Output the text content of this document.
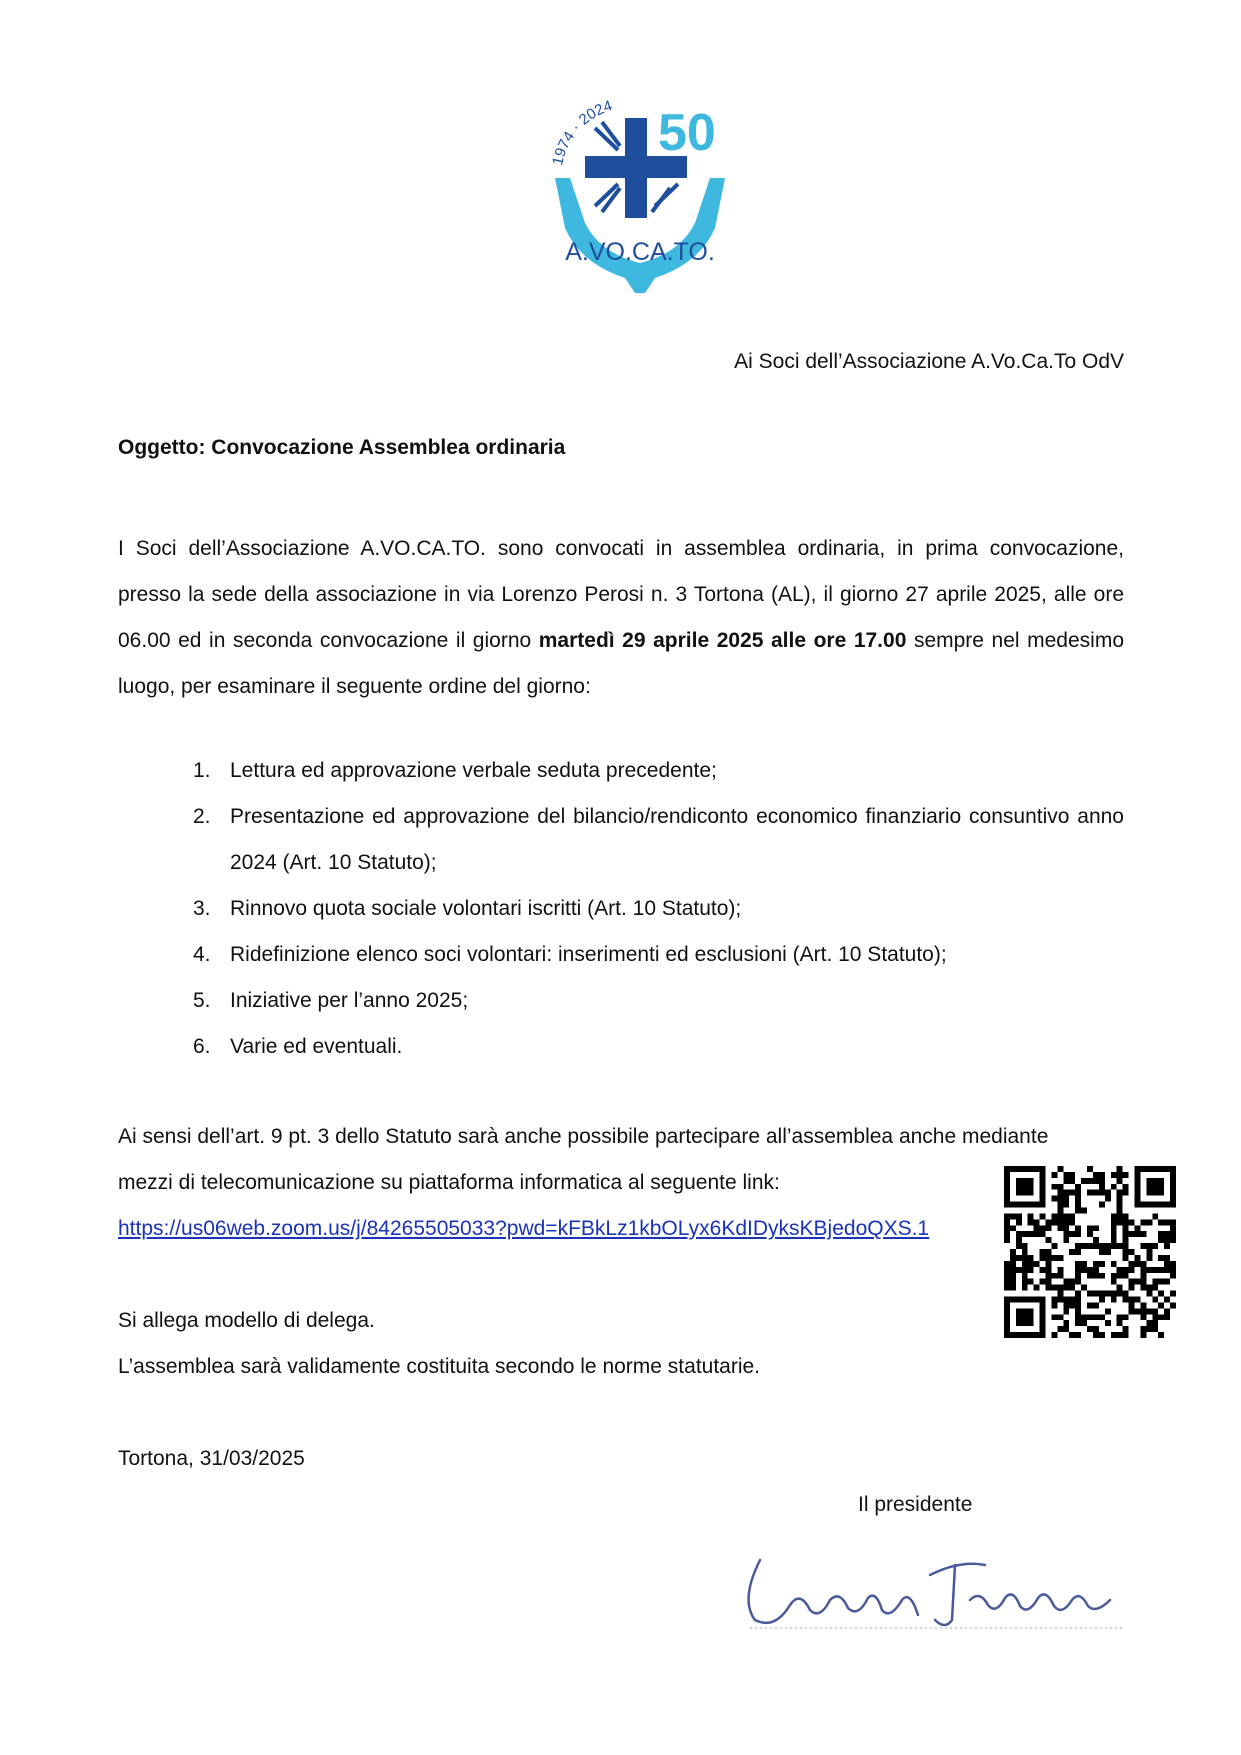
1974 · 2024 50
A.VO.CA.TO.
Ai Soci dell’Associazione A.Vo.Ca.To OdV
Oggetto: Convocazione Assemblea ordinaria
I Soci dell’Associazione A.VO.CA.TO. sono convocati in assemblea ordinaria, in prima convocazione, presso la sede della associazione in via Lorenzo Perosi n. 3 Tortona (AL), il giorno 27 aprile 2025, alle ore 06.00 ed in seconda convocazione il giorno martedì 29 aprile 2025 alle ore 17.00 sempre nel medesimo luogo, per esaminare il seguente ordine del giorno:
1. Lettura ed approvazione verbale seduta precedente;
2. Presentazione ed approvazione del bilancio/rendiconto economico finanziario consuntivo anno 2024 (Art. 10 Statuto);
3. Rinnovo quota sociale volontari iscritti (Art. 10 Statuto);
4. Ridefinizione elenco soci volontari: inserimenti ed esclusioni (Art. 10 Statuto);
5. Iniziative per l’anno 2025;
6. Varie ed eventuali.
Ai sensi dell’art. 9 pt. 3 dello Statuto sarà anche possibile partecipare all’assemblea anche mediante
mezzi di telecomunicazione su piattaforma informatica al seguente link:
https://us06web.zoom.us/j/84265505033?pwd=kFBkLz1kbOLyx6KdIDyksKBjedoQXS.1
Si allega modello di delega.
L’assemblea sarà validamente costituita secondo le norme statutarie.
Tortona, 31/03/2025
Il presidente
